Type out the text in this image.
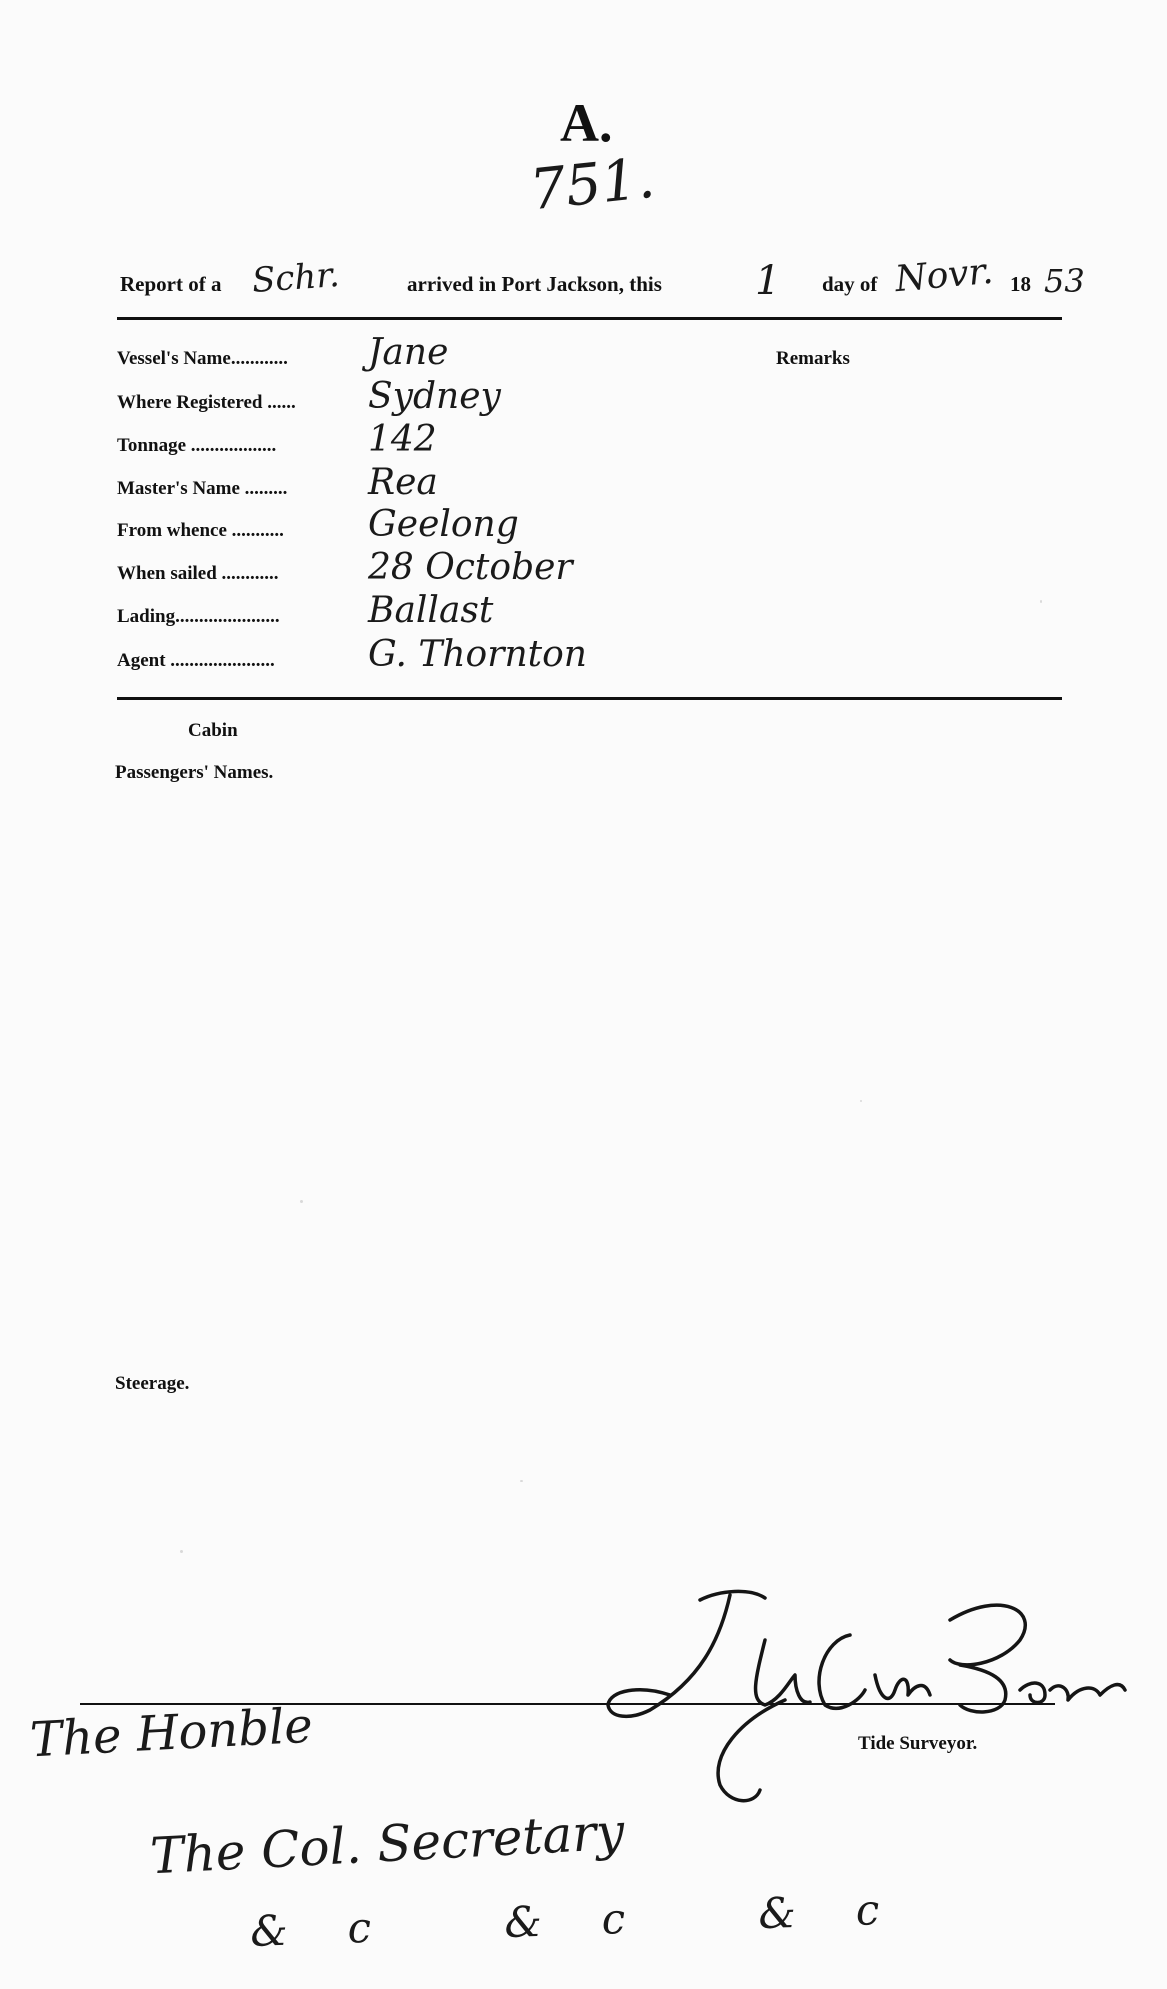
A.
751.
Report of a Schr.	arrived in Port Jackson, this 1 day of Novr. 18 53
Vessel's Name............ Jane
Where Registered ...... Sydney
Tonnage ..................	142
Master's Name ......... Rea
From whence ........... Geelong
When sailed ............ 28 October
Lading...................... Ballast
Agent ......................	G. Thornton
Remarks
Cabin
Passengers' Names.
Steerage.
Tide Surveyor.
The Honble
The Col. Secretary
&c &c &c
